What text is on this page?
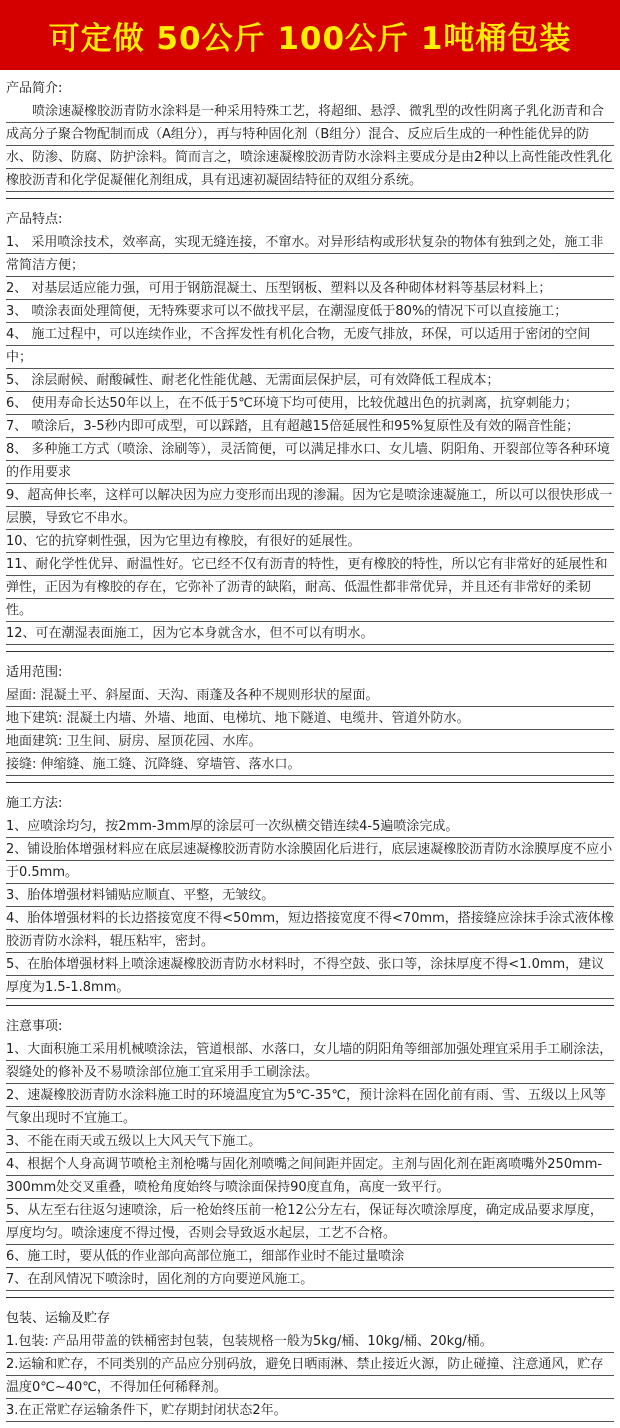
可定做 50公斤 100公斤 1吨桶包装
产品简介:

喷涂速凝橡胶沥青防水涂料是一种采用特殊工艺，将超细、悬浮、微乳型的改性阴离子乳化沥青和合成高分子聚合物配制而成（A组分），再与特种固化剂（B组分）混合、反应后生成的一种性能优异的防水、防渗、防腐、防护涂料。简而言之，喷涂速凝橡胶沥青防水涂料主要成分是由2种以上高性能改性乳化橡胶沥青和化学促凝催化剂组成，具有迅速初凝固结特征的双组分系统。

产品特点:
1、 采用喷涂技术，效率高，实现无缝连接，不窜水。对异形结构或形状复杂的物体有独到之处，施工非常简洁方便；
2、 对基层适应能力强，可用于钢筋混凝土、压型钢板、塑料以及各种砌体材料等基层材料上；
3、 喷涂表面处理简便，无特殊要求可以不做找平层，在潮湿度低于80%的情况下可以直接施工；
4、 施工过程中，可以连续作业，不含挥发性有机化合物，无废气排放，环保，可以适用于密闭的空间中；
5、 涂层耐候、耐酸碱性、耐老化性能优越、无需面层保护层，可有效降低工程成本；
6、 使用寿命长达50年以上，在不低于5℃环境下均可使用，比较优越出色的抗剥离，抗穿刺能力；
7、 喷涂后，3-5秒内即可成型，可以踩踏，且有超越15倍延展性和95%复原性及有效的隔音性能；
8、 多种施工方式（喷涂、涂刷等），灵活简便，可以满足排水口、女儿墙、阴阳角、开裂部位等各种环境的作用要求
9、超高伸长率，这样可以解决因为应力变形而出现的渗漏。因为它是喷涂速凝施工，所以可以很快形成一层膜，导致它不串水。
10、它的抗穿刺性强，因为它里边有橡胶，有很好的延展性。
11、耐化学性优异、耐温性好。它已经不仅有沥青的特性，更有橡胶的特性，所以它有非常好的延展性和弹性，正因为有橡胶的存在，它弥补了沥青的缺陷，耐高、低温性都非常优异，并且还有非常好的柔韧性。
12、可在潮湿表面施工，因为它本身就含水，但不可以有明水。
适用范围:
屋面: 混凝土平、斜屋面、天沟、雨蓬及各种不规则形状的屋面。
地下建筑: 混凝土内墙、外墙、地面、电梯坑、地下隧道、电缆井、管道外防水。
地面建筑: 卫生间、厨房、屋顶花园、水库。
接缝: 伸缩缝、施工缝、沉降缝、穿墙管、落水口。
施工方法:
1、应喷涂均匀，按2mm-3mm厚的涂层可一次纵横交错连续4-5遍喷涂完成。
2、铺设胎体增强材料应在底层速凝橡胶沥青防水涂膜固化后进行，底层速凝橡胶沥青防水涂膜厚度不应小于0.5mm。
3、胎体增强材料铺贴应顺直、平整，无皱纹。
4、胎体增强材料的长边搭接宽度不得<50mm，短边搭接宽度不得<70mm，搭接缝应涂抹手涂式液体橡胶沥青防水涂料，辊压粘牢，密封。
5、在胎体增强材料上喷涂速凝橡胶沥青防水材料时，不得空鼓、张口等，涂抹厚度不得<1.0mm，建议厚度为1.5-1.8mm。
注意事项:
1、大面积施工采用机械喷涂法，管道根部、水落口，女儿墙的阴阳角等细部加强处理宜采用手工刷涂法，裂缝处的修补及不易喷涂部位施工宜采用手工刷涂法。
2、速凝橡胶沥青防水涂料施工时的环境温度宜为5℃-35℃，预计涂料在固化前有雨、雪、五级以上风等气象出现时不宜施工。
3、不能在雨天或五级以上大风天气下施工。
4、根据个人身高调节喷枪主剂枪嘴与固化剂喷嘴之间间距并固定。主剂与固化剂在距离喷嘴外250mm-300mm处交叉重叠，喷枪角度始终与喷涂面保持90度直角，高度一致平行。
5、从左至右往返匀速喷涂，后一枪始终压前一枪12公分左右，保证每次喷涂厚度，确定成品要求厚度，厚度均匀。喷涂速度不得过慢，否则会导致返水起层，工艺不合格。
6、施工时，要从低的作业部向高部位施工，细部作业时不能过量喷涂
7、在刮风情况下喷涂时，固化剂的方向要逆风施工。
包装、运输及贮存
1.包装: 产品用带盖的铁桶密封包装，包装规格一般为5kg/桶、10kg/桶、20kg/桶。
2.运输和贮存，不同类别的产品应分别码放，避免日晒雨淋、禁止接近火源，防止碰撞、注意通风，贮存温度0℃~40℃，不得加任何稀释剂。
3.在正常贮存运输条件下，贮存期封闭状态2年。
